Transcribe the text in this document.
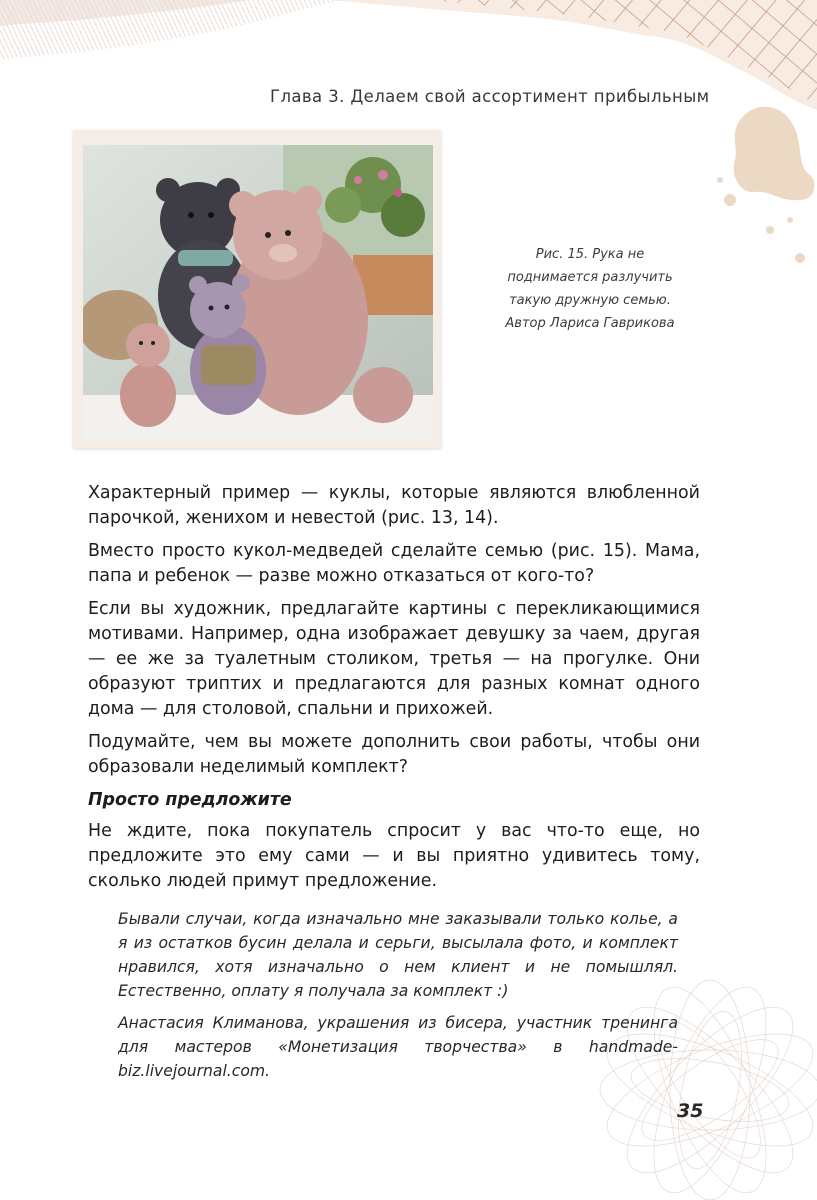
Глава 3. Делаем свой ассортимент прибыльным
Рис. 15. Рука не
поднимается разлучить
такую дружную семью.
Автор Лариса Гаврикова

Характерный пример — куклы, которые являются влюбленной парочкой, женихом и невестой (рис. 13, 14).

Вместо просто кукол-медведей сделайте семью (рис. 15). Мама, папа и ребенок — разве можно отказаться от кого-то?

Если вы художник, предлагайте картины с перекликающимися мотивами. Например, одна изображает девушку за чаем, другая — ее же за туалетным столиком, третья — на прогулке. Они образуют триптих и предлагаются для разных комнат одного дома — для столовой, спальни и прихожей.

Подумайте, чем вы можете дополнить свои работы, чтобы они образовали неделимый комплект?

Просто предложите

Не ждите, пока покупатель спросит у вас что-то еще, но предложите это ему сами — и вы приятно удивитесь тому, сколько людей примут предложение.

Бывали случаи, когда изначально мне заказывали только колье, а я из остатков бусин делала и серьги, высылала фото, и комплект нравился, хотя изначально о нем клиент и не помышлял. Естественно, оплату я получала за комплект :)

Анастасия Климанова, украшения из бисера, участник тренинга для мастеров «Монетизация творчества» в handmade-biz.livejournal.com.

35
